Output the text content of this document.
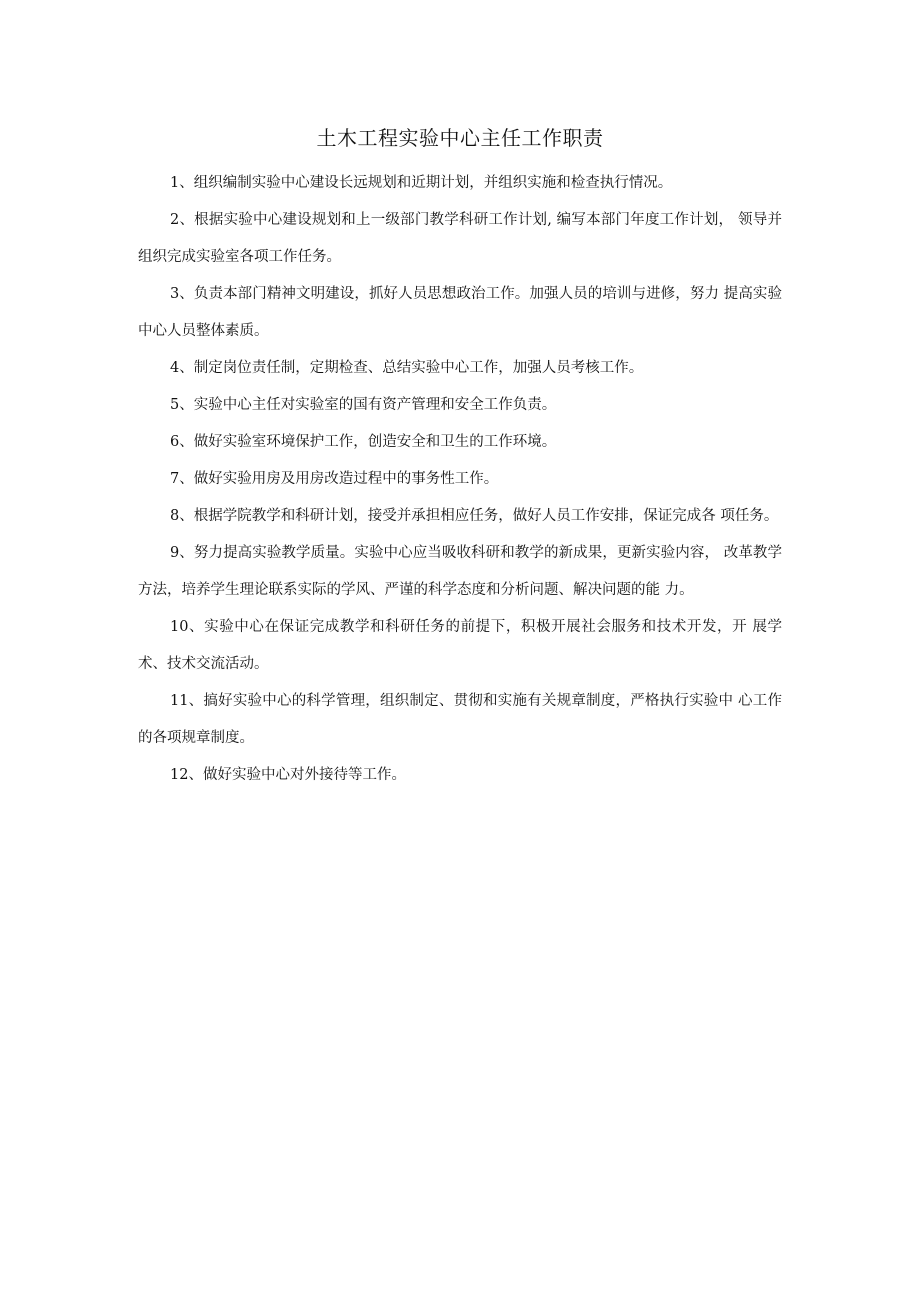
土木工程实验中心主任工作职责

1、组织编制实验中心建设长远规划和近期计划，并组织实施和检查执行情况。

2、根据实验中心建设规划和上一级部门教学科研工作计划, 编写本部门年度工作计划， 领导并组织完成实验室各项工作任务。

3、负责本部门精神文明建设，抓好人员思想政治工作。加强人员的培训与进修，努力 提高实验中心人员整体素质。

4、制定岗位责任制，定期检查、总结实验中心工作，加强人员考核工作。

5、实验中心主任对实验室的国有资产管理和安全工作负责。

6、做好实验室环境保护工作，创造安全和卫生的工作环境。

7、做好实验用房及用房改造过程中的事务性工作。

8、根据学院教学和科研计划，接受并承担相应任务，做好人员工作安排，保证完成各 项任务。

9、努力提高实验教学质量。实验中心应当吸收科研和教学的新成果，更新实验内容， 改革教学方法，培养学生理论联系实际的学风、严谨的科学态度和分析问题、解决问题的能 力。

10、实验中心在保证完成教学和科研任务的前提下，积极开展社会服务和技术开发，开 展学术、技术交流活动。

11、搞好实验中心的科学管理，组织制定、贯彻和实施有关规章制度，严格执行实验中 心工作的各项规章制度。

12、做好实验中心对外接待等工作。
